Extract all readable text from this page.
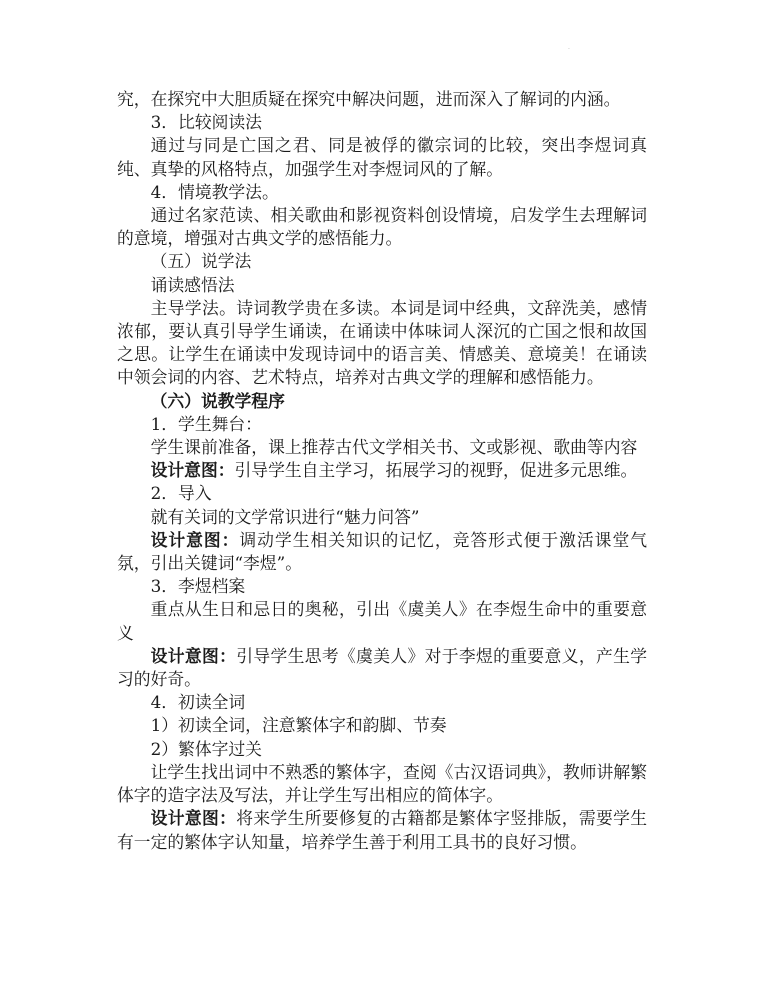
.

究，在探究中大胆质疑在探究中解决问题，进而深入了解词的内涵。

3．比较阅读法

通过与同是亡国之君、同是被俘的徽宗词的比较，突出李煜词真纯、真挚的风格特点，加强学生对李煜词风的了解。

4．情境教学法。

通过名家范读、相关歌曲和影视资料创设情境，启发学生去理解词的意境，增强对古典文学的感悟能力。

（五）说学法

诵读感悟法

主导学法。诗词教学贵在多读。本词是词中经典，文辞洗美，感情浓郁，要认真引导学生诵读，在诵读中体味词人深沉的亡国之恨和故国之思。让学生在诵读中发现诗词中的语言美、情感美、意境美！在诵读中领会词的内容、艺术特点，培养对古典文学的理解和感悟能力。

（六）说教学程序

1．学生舞台：

学生课前准备，课上推荐古代文学相关书、文或影视、歌曲等内容

设计意图：引导学生自主学习，拓展学习的视野，促进多元思维。

2．导入

就有关词的文学常识进行“魅力问答”

设计意图：调动学生相关知识的记忆，竞答形式便于激活课堂气氛，引出关键词“李煜”。

3．李煜档案

重点从生日和忌日的奥秘，引出《虞美人》在李煜生命中的重要意义

设计意图：引导学生思考《虞美人》对于李煜的重要意义，产生学习的好奇。

4．初读全词

1）初读全词，注意繁体字和韵脚、节奏

2）繁体字过关

让学生找出词中不熟悉的繁体字，查阅《古汉语词典》，教师讲解繁体字的造字法及写法，并让学生写出相应的简体字。

设计意图：将来学生所要修复的古籍都是繁体字竖排版，需要学生有一定的繁体字认知量，培养学生善于利用工具书的良好习惯。
